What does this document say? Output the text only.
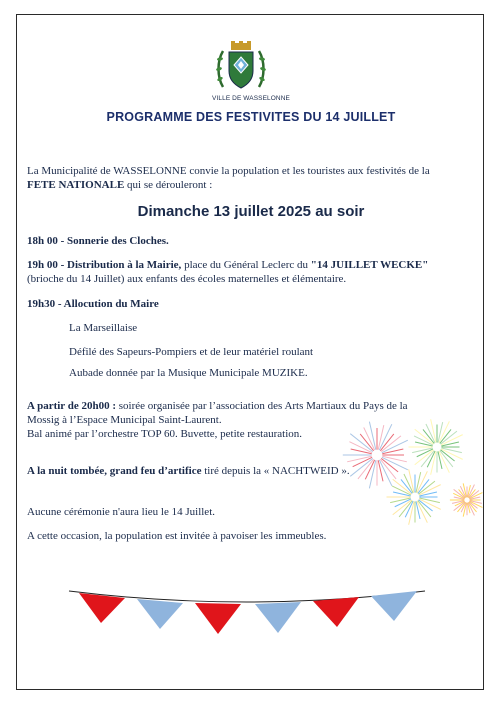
VILLE DE WASSELONNE

PROGRAMME DES FESTIVITES DU 14 JUILLET

La Municipalité de WASSELONNE convie la population et les touristes aux festivités de la
FETE NATIONALE qui se dérouleront :

Dimanche 13 juillet 2025 au soir

18h 00 - Sonnerie des Cloches.
19h 00 - Distribution à la Mairie, place du Général Leclerc du "14 JUILLET WECKE"
(brioche du 14 Juillet) aux enfants des écoles maternelles et élémentaire.
19h30 - Allocution du Maire
La Marseillaise
Défilé des Sapeurs-Pompiers et de leur matériel roulant
Aubade donnée par la Musique Municipale MUZIKE.
A partir de 20h00 : soirée organisée par l’association des Arts Martiaux du Pays de la
Mossig à l’Espace Municipal Saint-Laurent.
Bal animé par l’orchestre TOP 60. Buvette, petite restauration.
A la nuit tombée, grand feu d’artifice tiré depuis la « NACHTWEID ».
Aucune cérémonie n'aura lieu le 14 Juillet.
A cette occasion, la population est invitée à pavoiser les immeubles.
